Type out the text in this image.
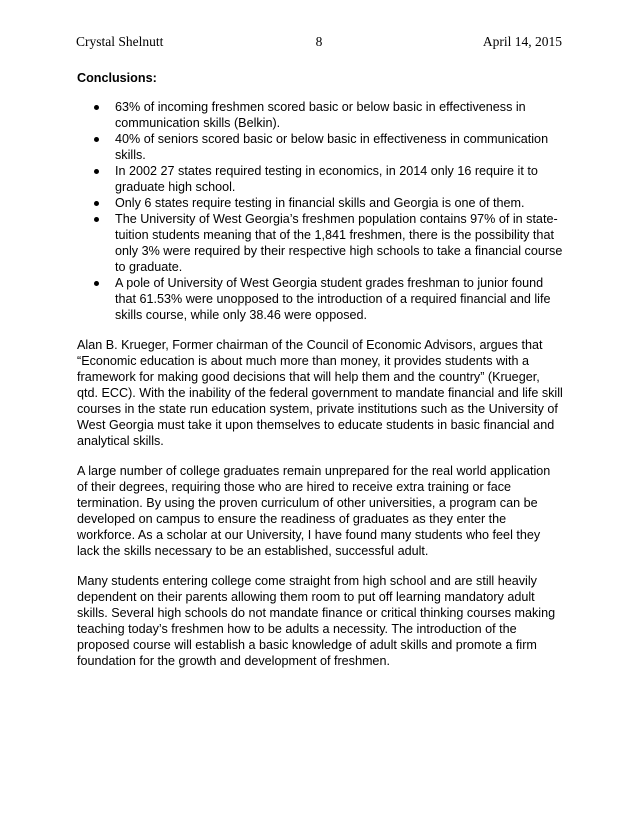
Crystal Shelnutt	8	April 14, 2015
Conclusions:
63% of incoming freshmen scored basic or below basic in effectiveness in communication skills (Belkin).
40% of seniors scored basic or below basic in effectiveness in communication skills.
In 2002 27 states required testing in economics, in 2014 only 16 require it to graduate high school.
Only 6 states require testing in financial skills and Georgia is one of them.
The University of West Georgia’s freshmen population contains 97% of in state-tuition students meaning that of the 1,841 freshmen, there is the possibility that only 3% were required by their respective high schools to take a financial course to graduate.
A pole of University of West Georgia student grades freshman to junior found that 61.53% were unopposed to the introduction of a required financial and life skills course, while only 38.46 were opposed.

Alan B. Krueger, Former chairman of the Council of Economic Advisors, argues that “Economic education is about much more than money, it provides students with a framework for making good decisions that will help them and the country” (Krueger, qtd. ECC). With the inability of the federal government to mandate financial and life skill courses in the state run education system, private institutions such as the University of West Georgia must take it upon themselves to educate students in basic financial and analytical skills.

A large number of college graduates remain unprepared for the real world application of their degrees, requiring those who are hired to receive extra training or face termination. By using the proven curriculum of other universities, a program can be developed on campus to ensure the readiness of graduates as they enter the workforce. As a scholar at our University, I have found many students who feel they lack the skills necessary to be an established, successful adult.

Many students entering college come straight from high school and are still heavily dependent on their parents allowing them room to put off learning mandatory adult skills. Several high schools do not mandate finance or critical thinking courses making teaching today’s freshmen how to be adults a necessity. The introduction of the proposed course will establish a basic knowledge of adult skills and promote a firm foundation for the growth and development of freshmen.
